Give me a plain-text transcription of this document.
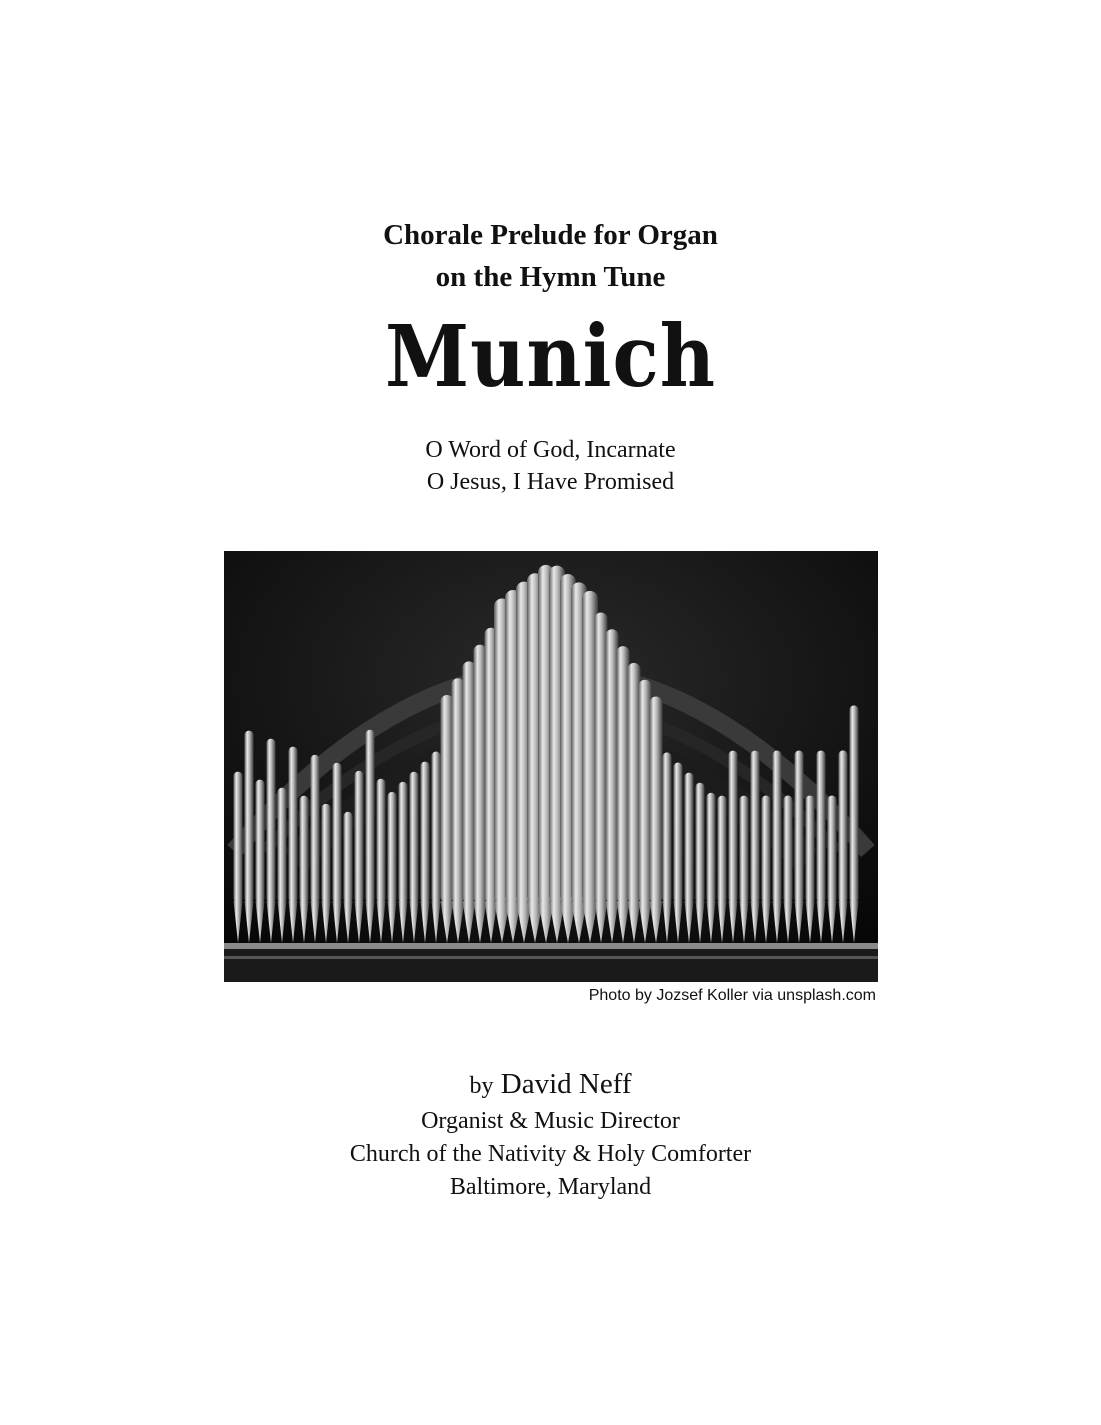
Chorale Prelude for Organ
on the Hymn Tune
Munich
O Word of God, Incarnate
O Jesus, I Have Promised
Photo by Jozsef Koller via unsplash.com
by David Neff
Organist & Music Director
Church of the Nativity & Holy Comforter
Baltimore, Maryland
